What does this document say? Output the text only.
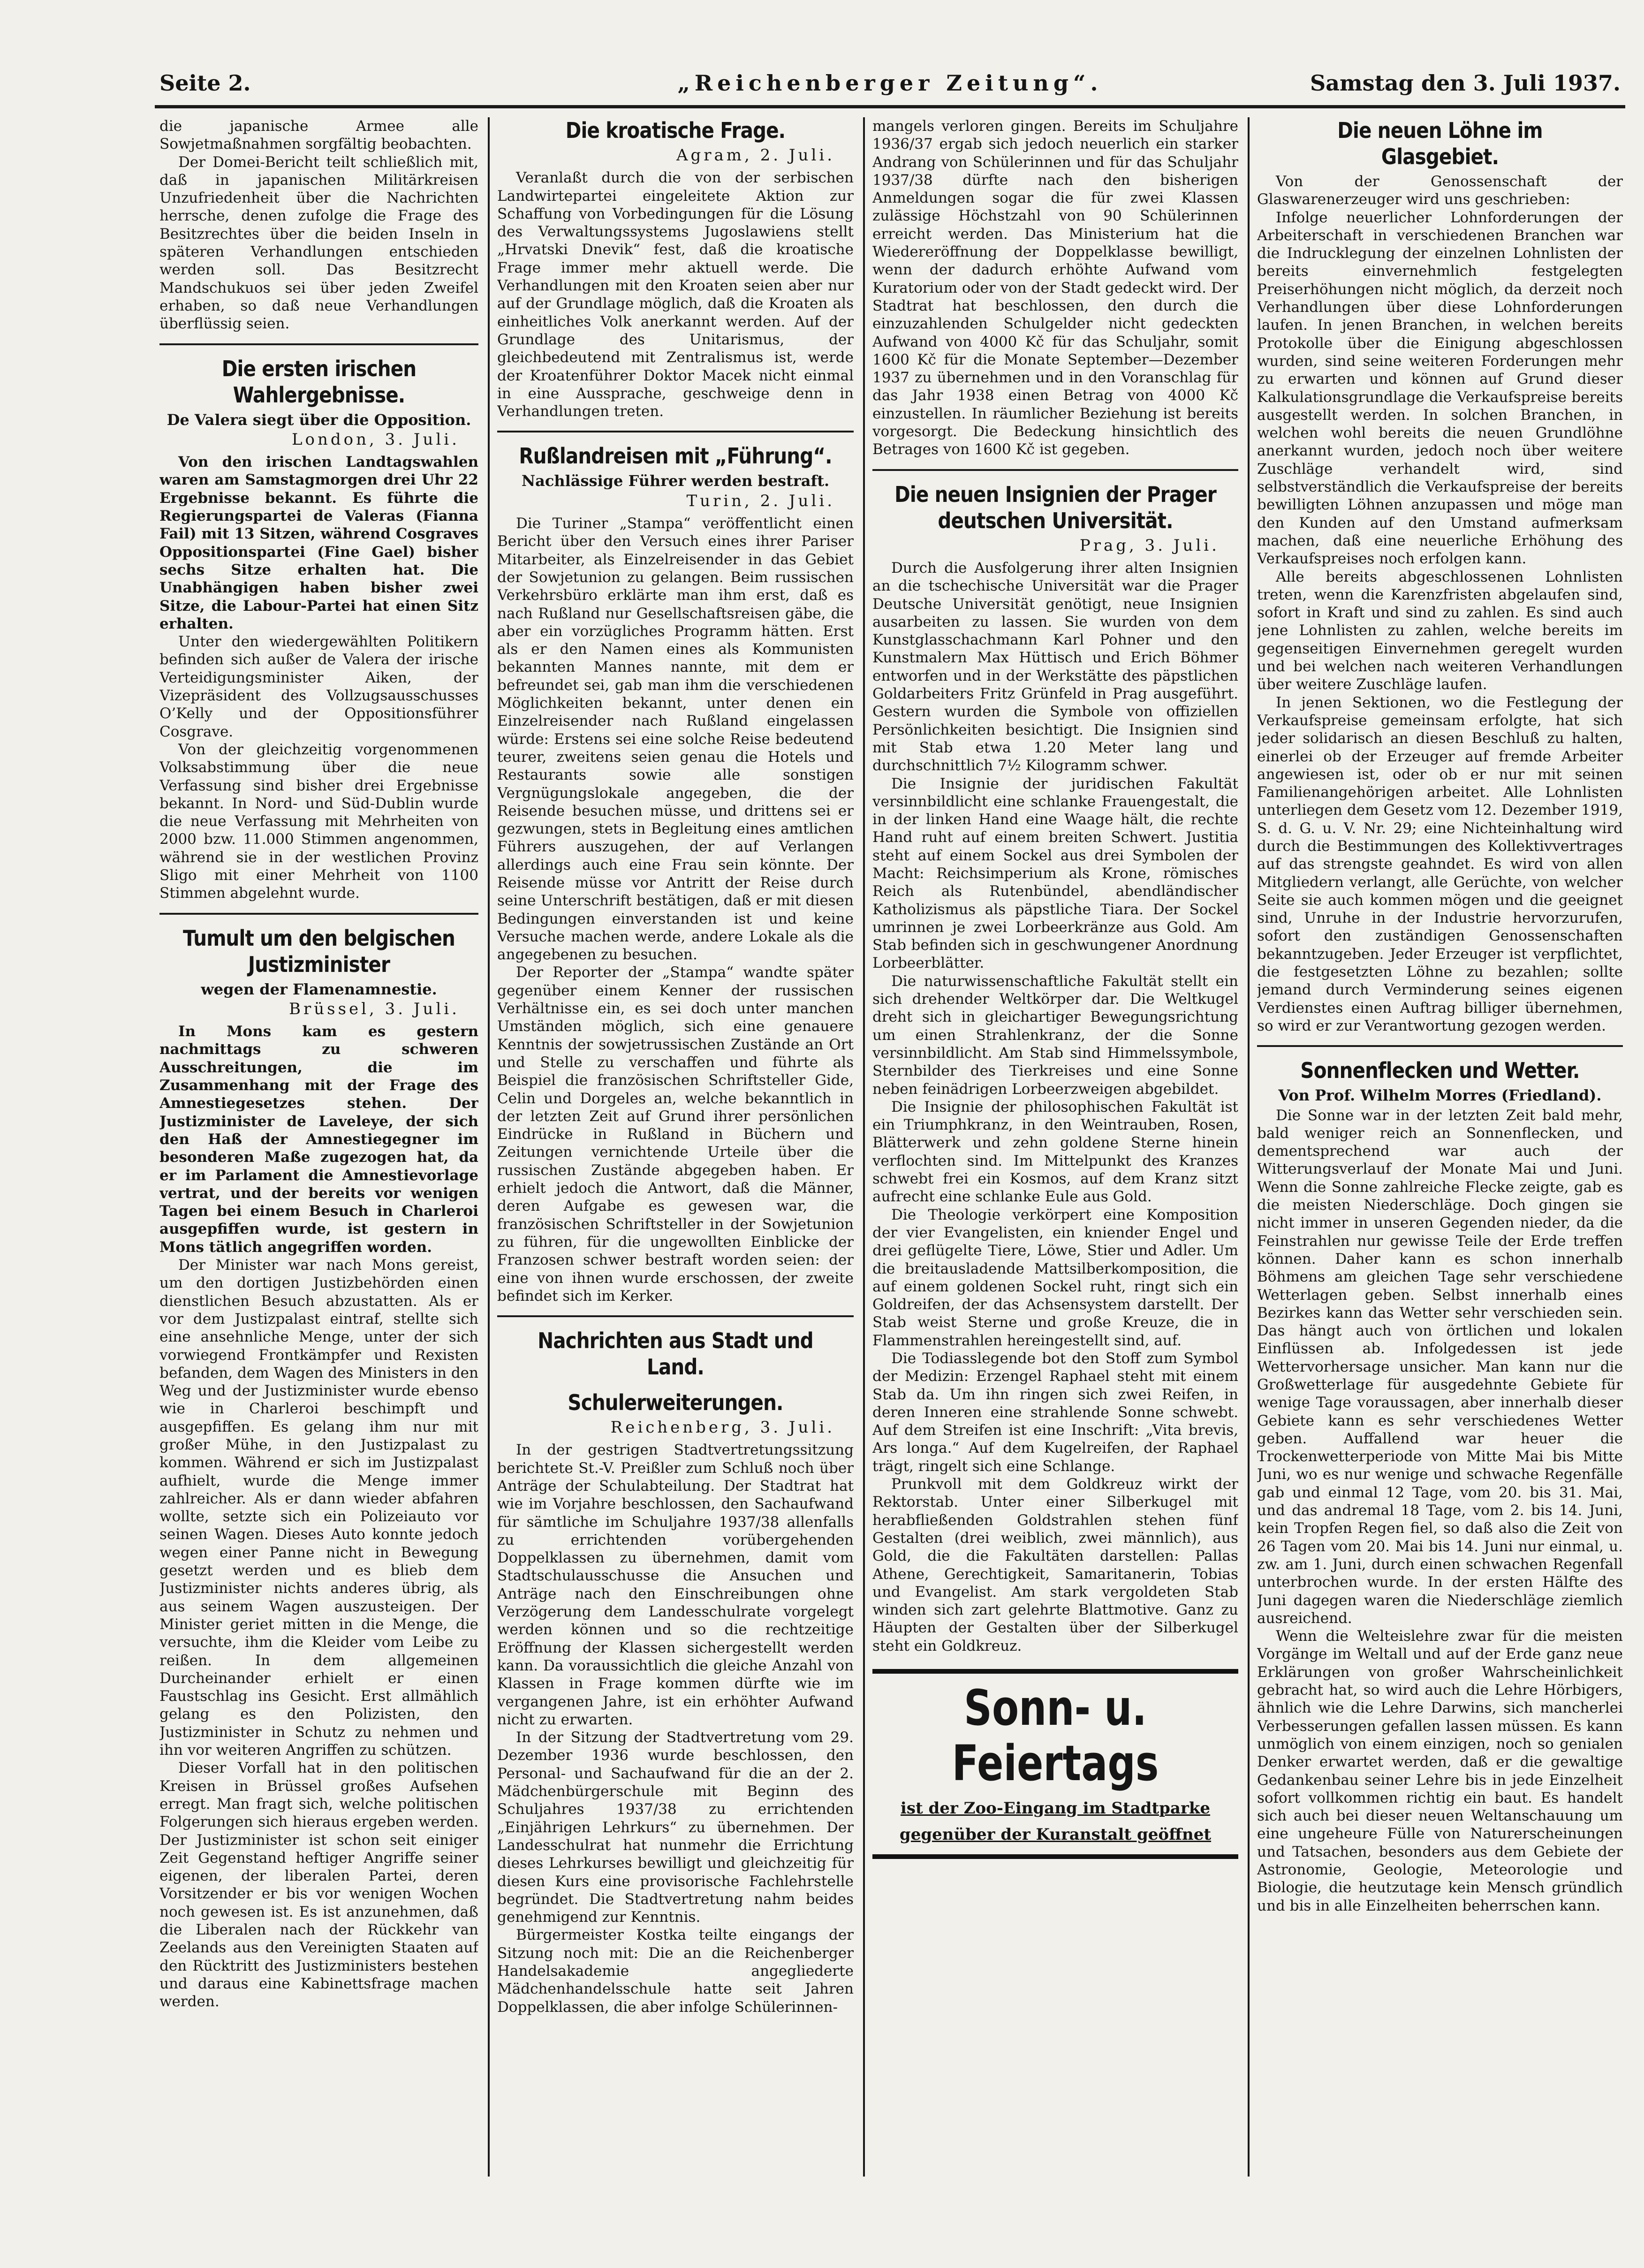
Seite 2.	„Reichenberger Zeitung“.	Samstag den 3. Juli 1937.

die japanische Armee alle Sowjetmaßnahmen sorgfältig beobachten.

Der Domei-Bericht teilt schließlich mit, daß in japanischen Militärkreisen Unzufriedenheit über die Nachrichten herrsche, denen zufolge die Frage des Besitzrechtes über die beiden Inseln in späteren Verhandlungen entschieden werden soll. Das Besitzrecht Mandschukuos sei über jeden Zweifel erhaben, so daß neue Verhandlungen überflüssig seien.

Die ersten irischen Wahlergebnisse.
De Valera siegt über die Opposition.
London, 3. Juli.

Von den irischen Landtagswahlen waren am Samstagmorgen drei Uhr 22 Ergebnisse bekannt. Es führte die Regierungspartei de Valeras (Fianna Fail) mit 13 Sitzen, während Cosgraves Oppositionspartei (Fine Gael) bisher sechs Sitze erhalten hat. Die Unabhängigen haben bisher zwei Sitze, die Labour-Partei hat einen Sitz erhalten.

Unter den wiedergewählten Politikern befinden sich außer de Valera der irische Verteidigungsminister Aiken, der Vizepräsident des Vollzugsausschusses O’Kelly und der Oppositionsführer Cosgrave.

Von der gleichzeitig vorgenommenen Volksabstimmung über die neue Verfassung sind bisher drei Ergebnisse bekannt. In Nord- und Süd-Dublin wurde die neue Verfassung mit Mehrheiten von 2000 bzw. 11.000 Stimmen angenommen, während sie in der westlichen Provinz Sligo mit einer Mehrheit von 1100 Stimmen abgelehnt wurde.

Tumult um den belgischen Justizminister
wegen der Flamenamnestie.
Brüssel, 3. Juli.

In Mons kam es gestern nachmittags zu schweren Ausschreitungen, die im Zusammenhang mit der Frage des Amnestiegesetzes stehen. Der Justizminister de Laveleye, der sich den Haß der Amnestiegegner im besonderen Maße zugezogen hat, da er im Parlament die Amnestievorlage vertrat, und der bereits vor wenigen Tagen bei einem Besuch in Charleroi ausgepfiffen wurde, ist gestern in Mons tätlich angegriffen worden.

Der Minister war nach Mons gereist, um den dortigen Justizbehörden einen dienstlichen Besuch abzustatten. Als er vor dem Justizpalast eintraf, stellte sich eine ansehnliche Menge, unter der sich vorwiegend Frontkämpfer und Rexisten befanden, dem Wagen des Ministers in den Weg und der Justizminister wurde ebenso wie in Charleroi beschimpft und ausgepfiffen. Es gelang ihm nur mit großer Mühe, in den Justizpalast zu kommen. Während er sich im Justizpalast aufhielt, wurde die Menge immer zahlreicher. Als er dann wieder abfahren wollte, setzte sich ein Polizeiauto vor seinen Wagen. Dieses Auto konnte jedoch wegen einer Panne nicht in Bewegung gesetzt werden und es blieb dem Justizminister nichts anderes übrig, als aus seinem Wagen auszusteigen. Der Minister geriet mitten in die Menge, die versuchte, ihm die Kleider vom Leibe zu reißen. In dem allgemeinen Durcheinander erhielt er einen Faustschlag ins Gesicht. Erst allmählich gelang es den Polizisten, den Justizminister in Schutz zu nehmen und ihn vor weiteren Angriffen zu schützen.

Dieser Vorfall hat in den politischen Kreisen in Brüssel großes Aufsehen erregt. Man fragt sich, welche politischen Folgerungen sich hieraus ergeben werden. Der Justizminister ist schon seit einiger Zeit Gegenstand heftiger Angriffe seiner eigenen, der liberalen Partei, deren Vorsitzender er bis vor wenigen Wochen noch gewesen ist. Es ist anzunehmen, daß die Liberalen nach der Rückkehr van Zeelands aus den Vereinigten Staaten auf den Rücktritt des Justizministers bestehen und daraus eine Kabinettsfrage machen werden.

Die kroatische Frage.
Agram, 2. Juli.

Veranlaßt durch die von der serbischen Landwirtepartei eingeleitete Aktion zur Schaffung von Vorbedingungen für die Lösung des Verwaltungssystems Jugoslawiens stellt „Hrvatski Dnevik“ fest, daß die kroatische Frage immer mehr aktuell werde. Die Verhandlungen mit den Kroaten seien aber nur auf der Grundlage möglich, daß die Kroaten als einheitliches Volk anerkannt werden. Auf der Grundlage des Unitarismus, der gleichbedeutend mit Zentralismus ist, werde der Kroatenführer Doktor Macek nicht einmal in eine Aussprache, geschweige denn in Verhandlungen treten.

Rußlandreisen mit „Führung“.
Nachlässige Führer werden bestraft.
Turin, 2. Juli.

Die Turiner „Stampa“ veröffentlicht einen Bericht über den Versuch eines ihrer Pariser Mitarbeiter, als Einzelreisender in das Gebiet der Sowjetunion zu gelangen. Beim russischen Verkehrsbüro erklärte man ihm erst, daß es nach Rußland nur Gesellschaftsreisen gäbe, die aber ein vorzügliches Programm hätten. Erst als er den Namen eines als Kommunisten bekannten Mannes nannte, mit dem er befreundet sei, gab man ihm die verschiedenen Möglichkeiten bekannt, unter denen ein Einzelreisender nach Rußland eingelassen würde: Erstens sei eine solche Reise bedeutend teurer, zweitens seien genau die Hotels und Restaurants sowie alle sonstigen Vergnügungslokale angegeben, die der Reisende besuchen müsse, und drittens sei er gezwungen, stets in Begleitung eines amtlichen Führers auszugehen, der auf Verlangen allerdings auch eine Frau sein könnte. Der Reisende müsse vor Antritt der Reise durch seine Unterschrift bestätigen, daß er mit diesen Bedingungen einverstanden ist und keine Versuche machen werde, andere Lokale als die angegebenen zu besuchen.

Der Reporter der „Stampa“ wandte später gegenüber einem Kenner der russischen Verhältnisse ein, es sei doch unter manchen Umständen möglich, sich eine genauere Kenntnis der sowjetrussischen Zustände an Ort und Stelle zu verschaffen und führte als Beispiel die französischen Schriftsteller Gide, Celin und Dorgeles an, welche bekanntlich in der letzten Zeit auf Grund ihrer persönlichen Eindrücke in Rußland in Büchern und Zeitungen vernichtende Urteile über die russischen Zustände abgegeben haben. Er erhielt jedoch die Antwort, daß die Männer, deren Aufgabe es gewesen war, die französischen Schriftsteller in der Sowjetunion zu führen, für die ungewollten Einblicke der Franzosen schwer bestraft worden seien: der eine von ihnen wurde erschossen, der zweite befindet sich im Kerker.

Nachrichten aus Stadt und Land.
Schulerweiterungen.
Reichenberg, 3. Juli.

In der gestrigen Stadtvertretungssitzung berichtete St.-V. Preißler zum Schluß noch über Anträge der Schulabteilung. Der Stadtrat hat wie im Vorjahre beschlossen, den Sachaufwand für sämtliche im Schuljahre 1937/38 allenfalls zu errichtenden vorübergehenden Doppelklassen zu übernehmen, damit vom Stadtschulausschusse die Ansuchen und Anträge nach den Einschreibungen ohne Verzögerung dem Landesschulrate vorgelegt werden können und so die rechtzeitige Eröffnung der Klassen sichergestellt werden kann. Da voraussichtlich die gleiche Anzahl von Klassen in Frage kommen dürfte wie im vergangenen Jahre, ist ein erhöhter Aufwand nicht zu erwarten.

In der Sitzung der Stadtvertretung vom 29. Dezember 1936 wurde beschlossen, den Personal- und Sachaufwand für die an der 2. Mädchenbürgerschule mit Beginn des Schuljahres 1937/38 zu errichtenden „Einjährigen Lehrkurs“ zu übernehmen. Der Landesschulrat hat nunmehr die Errichtung dieses Lehrkurses bewilligt und gleichzeitig für diesen Kurs eine provisorische Fachlehrstelle begründet. Die Stadtvertretung nahm beides genehmigend zur Kenntnis.

Bürgermeister Kostka teilte eingangs der Sitzung noch mit: Die an die Reichenberger Handelsakademie angegliederte Mädchenhandelsschule hatte seit Jahren Doppelklassen, die aber infolge Schülerinnen-

mangels verloren gingen. Bereits im Schuljahre 1936/37 ergab sich jedoch neuerlich ein starker Andrang von Schülerinnen und für das Schuljahr 1937/38 dürfte nach den bisherigen Anmeldungen sogar die für zwei Klassen zulässige Höchstzahl von 90 Schülerinnen erreicht werden. Das Ministerium hat die Wiedereröffnung der Doppelklasse bewilligt, wenn der dadurch erhöhte Aufwand vom Kuratorium oder von der Stadt gedeckt wird. Der Stadtrat hat beschlossen, den durch die einzuzahlenden Schulgelder nicht gedeckten Aufwand von 4000 Kč für das Schuljahr, somit 1600 Kč für die Monate September—Dezember 1937 zu übernehmen und in den Voranschlag für das Jahr 1938 einen Betrag von 4000 Kč einzustellen. In räumlicher Beziehung ist bereits vorgesorgt. Die Bedeckung hinsichtlich des Betrages von 1600 Kč ist gegeben.

Die neuen Insignien der Prager deutschen Universität.
Prag, 3. Juli.

Durch die Ausfolgerung ihrer alten Insignien an die tschechische Universität war die Prager Deutsche Universität genötigt, neue Insignien ausarbeiten zu lassen. Sie wurden von dem Kunstglasschachmann Karl Pohner und den Kunstmalern Max Hüttisch und Erich Böhmer entworfen und in der Werkstätte des päpstlichen Goldarbeiters Fritz Grünfeld in Prag ausgeführt. Gestern wurden die Symbole von offiziellen Persönlichkeiten besichtigt. Die Insignien sind mit Stab etwa 1.20 Meter lang und durchschnittlich 7½ Kilogramm schwer.

Die Insignie der juridischen Fakultät versinnbildlicht eine schlanke Frauengestalt, die in der linken Hand eine Waage hält, die rechte Hand ruht auf einem breiten Schwert. Justitia steht auf einem Sockel aus drei Symbolen der Macht: Reichsimperium als Krone, römisches Reich als Rutenbündel, abendländischer Katholizismus als päpstliche Tiara. Der Sockel umrinnen je zwei Lorbeerkränze aus Gold. Am Stab befinden sich in geschwungener Anordnung Lorbeerblätter.

Die naturwissenschaftliche Fakultät stellt ein sich drehender Weltkörper dar. Die Weltkugel dreht sich in gleichartiger Bewegungsrichtung um einen Strahlenkranz, der die Sonne versinnbildlicht. Am Stab sind Himmelssymbole, Sternbilder des Tierkreises und eine Sonne neben feinädrigen Lorbeerzweigen abgebildet.

Die Insignie der philosophischen Fakultät ist ein Triumphkranz, in den Weintrauben, Rosen, Blätterwerk und zehn goldene Sterne hinein verflochten sind. Im Mittelpunkt des Kranzes schwebt frei ein Kosmos, auf dem Kranz sitzt aufrecht eine schlanke Eule aus Gold.

Die Theologie verkörpert eine Komposition der vier Evangelisten, ein kniender Engel und drei geflügelte Tiere, Löwe, Stier und Adler. Um die breitausladende Mattsilberkomposition, die auf einem goldenen Sockel ruht, ringt sich ein Goldreifen, der das Achsensystem darstellt. Der Stab weist Sterne und große Kreuze, die in Flammenstrahlen hereingestellt sind, auf.

Die Todiasslegende bot den Stoff zum Symbol der Medizin: Erzengel Raphael steht mit einem Stab da. Um ihn ringen sich zwei Reifen, in deren Inneren eine strahlende Sonne schwebt. Auf dem Streifen ist eine Inschrift: „Vita brevis, Ars longa.“ Auf dem Kugelreifen, der Raphael trägt, ringelt sich eine Schlange.

Prunkvoll mit dem Goldkreuz wirkt der Rektorstab. Unter einer Silberkugel mit herabfließenden Goldstrahlen stehen fünf Gestalten (drei weiblich, zwei männlich), aus Gold, die die Fakultäten darstellen: Pallas Athene, Gerechtigkeit, Samaritanerin, Tobias und Evangelist. Am stark vergoldeten Stab winden sich zart gelehrte Blattmotive. Ganz zu Häupten der Gestalten über der Silberkugel steht ein Goldkreuz.

Sonn- u. Feiertags
ist der Zoo-Eingang im Stadtparke
gegenüber der Kuranstalt geöffnet
Die neuen Löhne im Glasgebiet.

Von der Genossenschaft der Glaswarenerzeuger wird uns geschrieben:

Infolge neuerlicher Lohnforderungen der Arbeiterschaft in verschiedenen Branchen war die Indrucklegung der einzelnen Lohnlisten der bereits einvernehmlich festgelegten Preiserhöhungen nicht möglich, da derzeit noch Verhandlungen über diese Lohnforderungen laufen. In jenen Branchen, in welchen bereits Protokolle über die Einigung abgeschlossen wurden, sind seine weiteren Forderungen mehr zu erwarten und können auf Grund dieser Kalkulationsgrundlage die Verkaufspreise bereits ausgestellt werden. In solchen Branchen, in welchen wohl bereits die neuen Grundlöhne anerkannt wurden, jedoch noch über weitere Zuschläge verhandelt wird, sind selbstverständlich die Verkaufspreise der bereits bewilligten Löhnen anzupassen und möge man den Kunden auf den Umstand aufmerksam machen, daß eine neuerliche Erhöhung des Verkaufspreises noch erfolgen kann.

Alle bereits abgeschlossenen Lohnlisten treten, wenn die Karenzfristen abgelaufen sind, sofort in Kraft und sind zu zahlen. Es sind auch jene Lohnlisten zu zahlen, welche bereits im gegenseitigen Einvernehmen geregelt wurden und bei welchen nach weiteren Verhandlungen über weitere Zuschläge laufen.

In jenen Sektionen, wo die Festlegung der Verkaufspreise gemeinsam erfolgte, hat sich jeder solidarisch an diesen Beschluß zu halten, einerlei ob der Erzeuger auf fremde Arbeiter angewiesen ist, oder ob er nur mit seinen Familienangehörigen arbeitet. Alle Lohnlisten unterliegen dem Gesetz vom 12. Dezember 1919, S. d. G. u. V. Nr. 29; eine Nichteinhaltung wird durch die Bestimmungen des Kollektivvertrages auf das strengste geahndet. Es wird von allen Mitgliedern verlangt, alle Gerüchte, von welcher Seite sie auch kommen mögen und die geeignet sind, Unruhe in der Industrie hervorzurufen, sofort den zuständigen Genossenschaften bekanntzugeben. Jeder Erzeuger ist verpflichtet, die festgesetzten Löhne zu bezahlen; sollte jemand durch Verminderung seines eigenen Verdienstes einen Auftrag billiger übernehmen, so wird er zur Verantwortung gezogen werden.

Sonnenflecken und Wetter.
Von Prof. Wilhelm Morres (Friedland).

Die Sonne war in der letzten Zeit bald mehr, bald weniger reich an Sonnenflecken, und dementsprechend war auch der Witterungsverlauf der Monate Mai und Juni. Wenn die Sonne zahlreiche Flecke zeigte, gab es die meisten Niederschläge. Doch gingen sie nicht immer in unseren Gegenden nieder, da die Feinstrahlen nur gewisse Teile der Erde treffen können. Daher kann es schon innerhalb Böhmens am gleichen Tage sehr verschiedene Wetterlagen geben. Selbst innerhalb eines Bezirkes kann das Wetter sehr verschieden sein. Das hängt auch von örtlichen und lokalen Einflüssen ab. Infolgedessen ist jede Wettervorhersage unsicher. Man kann nur die Großwetterlage für ausgedehnte Gebiete für wenige Tage voraussagen, aber innerhalb dieser Gebiete kann es sehr verschiedenes Wetter geben. Auffallend war heuer die Trockenwetterperiode von Mitte Mai bis Mitte Juni, wo es nur wenige und schwache Regenfälle gab und einmal 12 Tage, vom 20. bis 31. Mai, und das andremal 18 Tage, vom 2. bis 14. Juni, kein Tropfen Regen fiel, so daß also die Zeit von 26 Tagen vom 20. Mai bis 14. Juni nur einmal, u. zw. am 1. Juni, durch einen schwachen Regenfall unterbrochen wurde. In der ersten Hälfte des Juni dagegen waren die Niederschläge ziemlich ausreichend.

Wenn die Welteislehre zwar für die meisten Vorgänge im Weltall und auf der Erde ganz neue Erklärungen von großer Wahrscheinlichkeit gebracht hat, so wird auch die Lehre Hörbigers, ähnlich wie die Lehre Darwins, sich mancherlei Verbesserungen gefallen lassen müssen. Es kann unmöglich von einem einzigen, noch so genialen Denker erwartet werden, daß er die gewaltige Gedankenbau seiner Lehre bis in jede Einzelheit sofort vollkommen richtig ein baut. Es handelt sich auch bei dieser neuen Weltanschauung um eine ungeheure Fülle von Naturerscheinungen und Tatsachen, besonders aus dem Gebiete der Astronomie, Geologie, Meteorologie und Biologie, die heutzutage kein Mensch gründlich und bis in alle Einzelheiten beherrschen kann.
